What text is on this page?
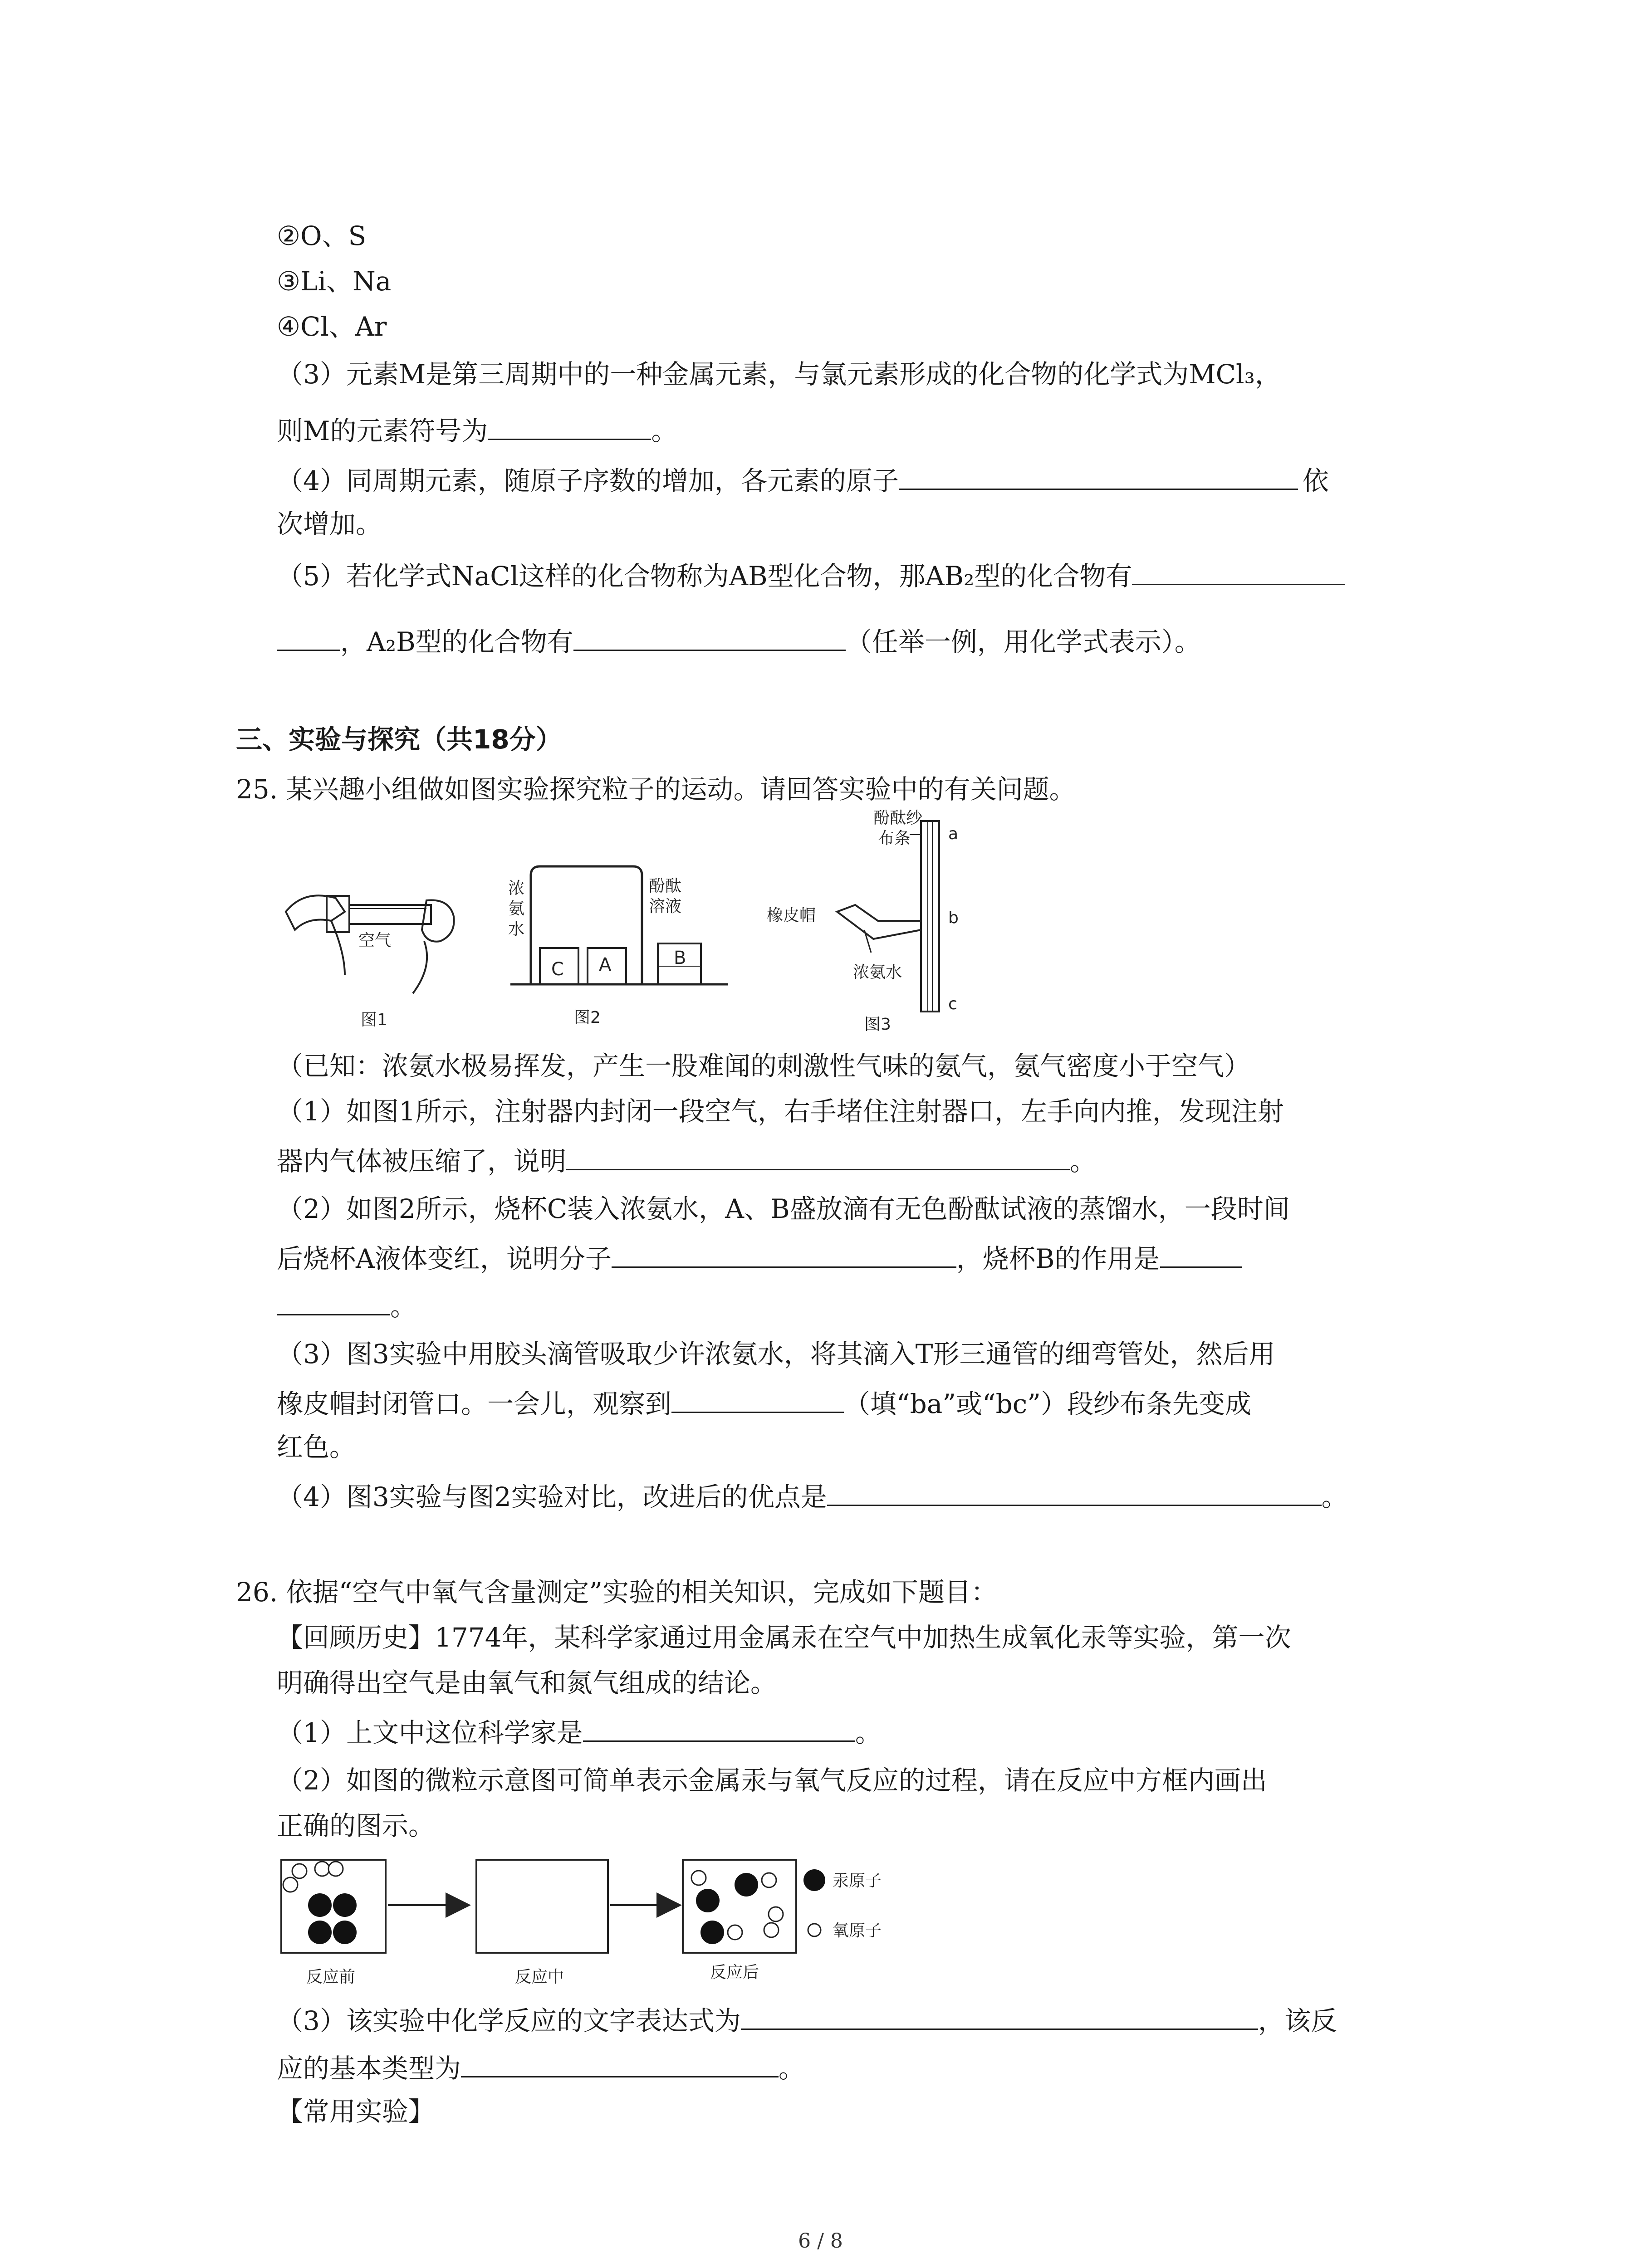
②O、S
③Li、Na
④Cl、Ar
（3）元素M是第三周期中的一种金属元素，与氯元素形成的化合物的化学式为MCl₃，
则M的元素符号为	。
（4）同周期元素，随原子序数的增加，各元素的原子	依
次增加。
（5）若化学式NaCl这样的化合物称为AB型化合物，那AB₂型的化合物有
，A₂B型的化合物有	（任举一例，用化学式表示）。
三、实验与探究（共18分）
25. 某兴趣小组做如图实验探究粒子的运动。请回答实验中的有关问题。
空气
图1
C A	B
浓
氨
水
酚酞
溶液
图2
酚酞纱
布条
橡皮帽
浓氨水
a
b
c
图3
（已知：浓氨水极易挥发，产生一股难闻的刺激性气味的氨气，氨气密度小于空气）
（1）如图1所示，注射器内封闭一段空气，右手堵住注射器口，左手向内推，发现注射
器内气体被压缩了，说明	。
（2）如图2所示，烧杯C装入浓氨水，A、B盛放滴有无色酚酞试液的蒸馏水，一段时间
后烧杯A液体变红，说明分子	，烧杯B的作用是
。
（3）图3实验中用胶头滴管吸取少许浓氨水，将其滴入T形三通管的细弯管处，然后用
橡皮帽封闭管口。一会儿，观察到	（填“ba”或“bc”）段纱布条先变成
红色。
（4）图3实验与图2实验对比，改进后的优点是	。
26. 依据“空气中氧气含量测定”实验的相关知识，完成如下题目：
【回顾历史】1774年，某科学家通过用金属汞在空气中加热生成氧化汞等实验，第一次
明确得出空气是由氧气和氮气组成的结论。
（1）上文中这位科学家是	。
（2）如图的微粒示意图可简单表示金属汞与氧气反应的过程，请在反应中方框内画出
正确的图示。
汞原子
氧原子
反应前	反应中	反应后
（3）该实验中化学反应的文字表达式为	，该反
应的基本类型为	。
【常用实验】
6 / 8
